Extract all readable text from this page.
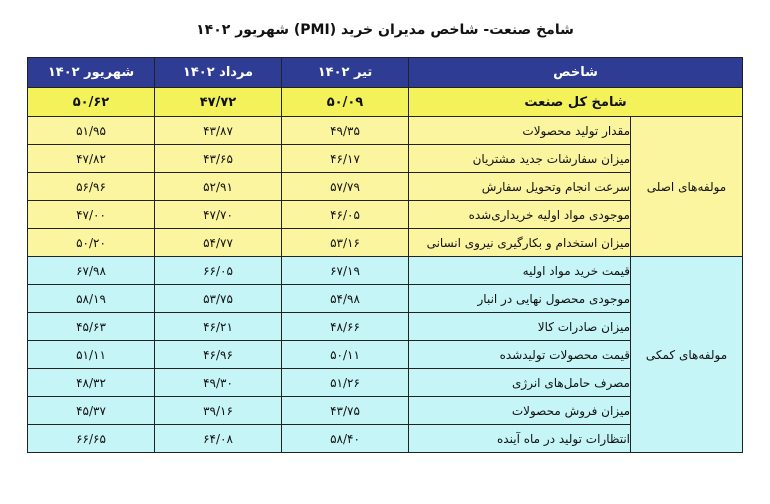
شامخ صنعت- شاخص مدیران خرید (PMI) شهریور ۱۴۰۲
شاخص		تیر ۱۴۰۲	مرداد ۱۴۰۲	شهریور ۱۴۰۲
شامخ کل صنعت		۵۰/۰۹	۴۷/۷۲	۵۰/۶۲
مولفه‌های اصلی	مقدار تولید محصولات	۴۹/۳۵	۴۳/۸۷	۵۱/۹۵
	میزان سفارشات جدید مشتریان	۴۶/۱۷	۴۳/۶۵	۴۷/۸۲
	سرعت انجام وتحویل سفارش	۵۷/۷۹	۵۲/۹۱	۵۶/۹۶
	موجودی مواد اولیه خریداری‌شده	۴۶/۰۵	۴۷/۷۰	۴۷/۰۰
	میزان استخدام و بکارگیری نیروی انسانی	۵۳/۱۶	۵۴/۷۷	۵۰/۲۰
مولفه‌های کمکی	قیمت خرید مواد اولیه	۶۷/۱۹	۶۶/۰۵	۶۷/۹۸
	موجودی محصول نهایی در انبار	۵۴/۹۸	۵۳/۷۵	۵۸/۱۹
	میزان صادرات کالا	۴۸/۶۶	۴۶/۲۱	۴۵/۶۳
	قیمت محصولات تولیدشده	۵۰/۱۱	۴۶/۹۶	۵۱/۱۱
	مصرف حامل‌های انرژی	۵۱/۲۶	۴۹/۳۰	۴۸/۳۲
	میزان فروش محصولات	۴۳/۷۵	۳۹/۱۶	۴۵/۳۷
	انتظارات تولید در ماه آینده	۵۸/۴۰	۶۴/۰۸	۶۶/۶۵
